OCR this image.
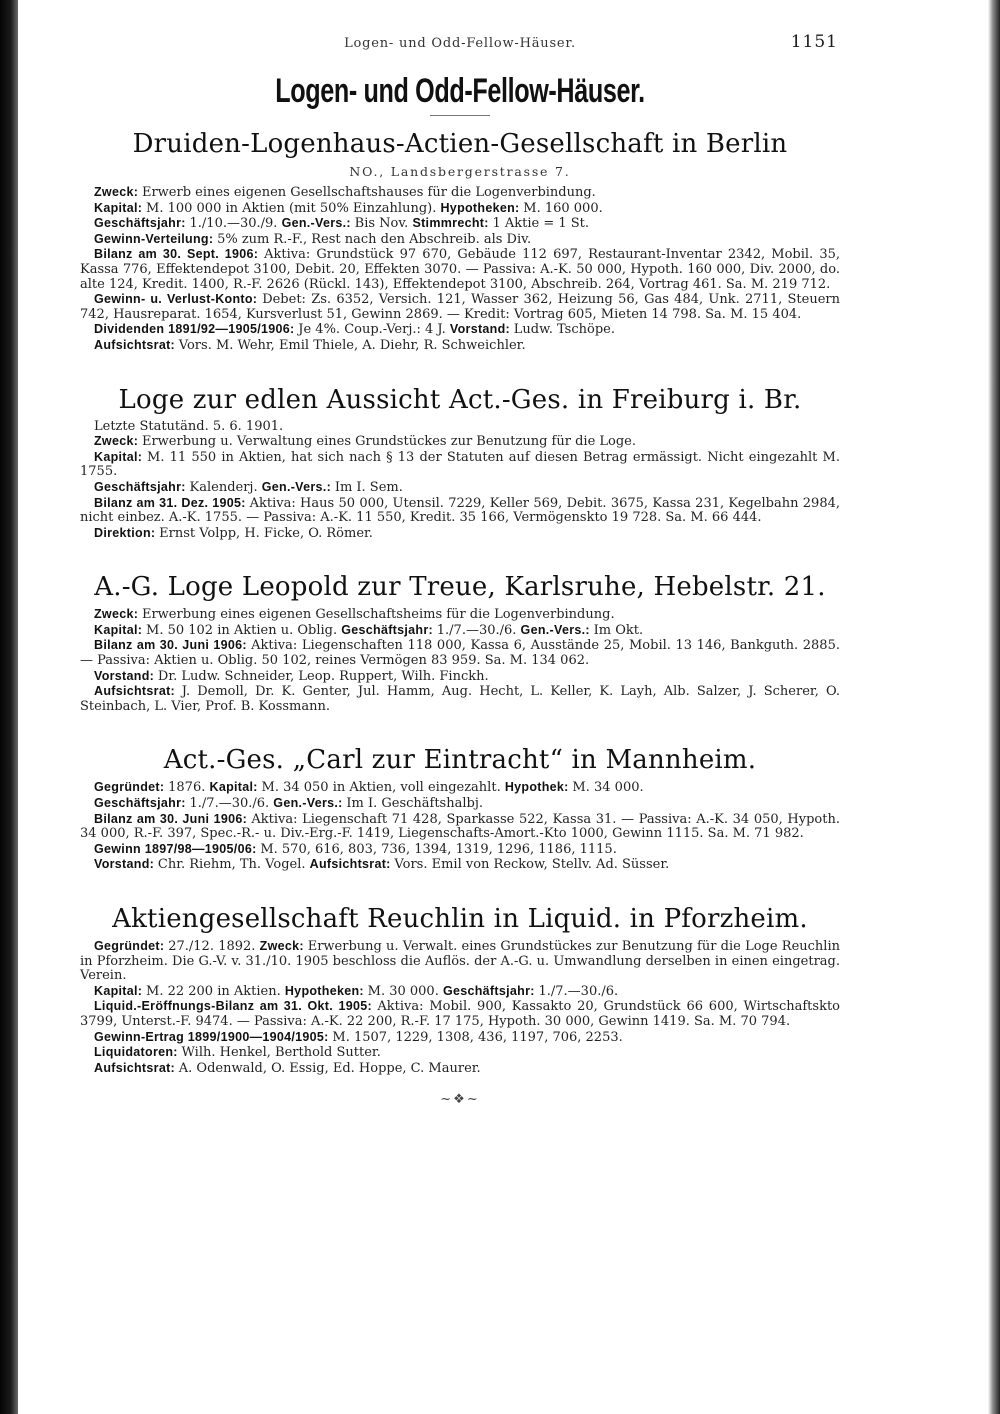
Logen- und Odd-Fellow-Häuser.	1151
Logen- und Odd-Fellow-Häuser.
Druiden-Logenhaus-Actien-Gesellschaft in Berlin
NO., Landsbergerstrasse 7.

Zweck: Erwerb eines eigenen Gesellschaftshauses für die Logenverbindung.

Kapital: M. 100 000 in Aktien (mit 50% Einzahlung). Hypotheken: M. 160 000.

Geschäftsjahr: 1./10.—30./9. Gen.-Vers.: Bis Nov. Stimmrecht: 1 Aktie = 1 St.

Gewinn-Verteilung: 5% zum R.-F., Rest nach den Abschreib. als Div.

Bilanz am 30. Sept. 1906: Aktiva: Grundstück 97 670, Gebäude 112 697, Restaurant-Inventar 2342, Mobil. 35, Kassa 776, Effektendepot 3100, Debit. 20, Effekten 3070. — Passiva: A.-K. 50 000, Hypoth. 160 000, Div. 2000, do. alte 124, Kredit. 1400, R.-F. 2626 (Rückl. 143), Effektendepot 3100, Abschreib. 264, Vortrag 461. Sa. M. 219 712.

Gewinn- u. Verlust-Konto: Debet: Zs. 6352, Versich. 121, Wasser 362, Heizung 56, Gas 484, Unk. 2711, Steuern 742, Hausreparat. 1654, Kursverlust 51, Gewinn 2869. — Kredit: Vortrag 605, Mieten 14 798. Sa. M. 15 404.

Dividenden 1891/92—1905/1906: Je 4%. Coup.-Verj.: 4 J. Vorstand: Ludw. Tschöpe.

Aufsichtsrat: Vors. M. Wehr, Emil Thiele, A. Diehr, R. Schweichler.

Loge zur edlen Aussicht Act.-Ges. in Freiburg i. Br.

Letzte Statutänd. 5. 6. 1901.

Zweck: Erwerbung u. Verwaltung eines Grundstückes zur Benutzung für die Loge.

Kapital: M. 11 550 in Aktien, hat sich nach § 13 der Statuten auf diesen Betrag ermässigt. Nicht eingezahlt M. 1755.

Geschäftsjahr: Kalenderj. Gen.-Vers.: Im I. Sem.

Bilanz am 31. Dez. 1905: Aktiva: Haus 50 000, Utensil. 7229, Keller 569, Debit. 3675, Kassa 231, Kegelbahn 2984, nicht einbez. A.-K. 1755. — Passiva: A.-K. 11 550, Kredit. 35 166, Vermögenskto 19 728. Sa. M. 66 444.

Direktion: Ernst Volpp, H. Ficke, O. Römer.

A.-G. Loge Leopold zur Treue, Karlsruhe, Hebelstr. 21.

Zweck: Erwerbung eines eigenen Gesellschaftsheims für die Logenverbindung.

Kapital: M. 50 102 in Aktien u. Oblig. Geschäftsjahr: 1./7.—30./6. Gen.-Vers.: Im Okt.

Bilanz am 30. Juni 1906: Aktiva: Liegenschaften 118 000, Kassa 6, Ausstände 25, Mobil. 13 146, Bankguth. 2885. — Passiva: Aktien u. Oblig. 50 102, reines Vermögen 83 959. Sa. M. 134 062.

Vorstand: Dr. Ludw. Schneider, Leop. Ruppert, Wilh. Finckh.

Aufsichtsrat: J. Demoll, Dr. K. Genter, Jul. Hamm, Aug. Hecht, L. Keller, K. Layh, Alb. Salzer, J. Scherer, O. Steinbach, L. Vier, Prof. B. Kossmann.

Act.-Ges. „Carl zur Eintracht“ in Mannheim.

Gegründet: 1876. Kapital: M. 34 050 in Aktien, voll eingezahlt. Hypothek: M. 34 000.

Geschäftsjahr: 1./7.—30./6. Gen.-Vers.: Im I. Geschäftshalbj.

Bilanz am 30. Juni 1906: Aktiva: Liegenschaft 71 428, Sparkasse 522, Kassa 31. — Passiva: A.-K. 34 050, Hypoth. 34 000, R.-F. 397, Spec.-R.- u. Div.-Erg.-F. 1419, Liegenschafts-Amort.-Kto 1000, Gewinn 1115. Sa. M. 71 982.

Gewinn 1897/98—1905/06: M. 570, 616, 803, 736, 1394, 1319, 1296, 1186, 1115.

Vorstand: Chr. Riehm, Th. Vogel. Aufsichtsrat: Vors. Emil von Reckow, Stellv. Ad. Süsser.

Aktiengesellschaft Reuchlin in Liquid. in Pforzheim.

Gegründet: 27./12. 1892. Zweck: Erwerbung u. Verwalt. eines Grundstückes zur Benutzung für die Loge Reuchlin in Pforzheim. Die G.-V. v. 31./10. 1905 beschloss die Auflös. der A.-G. u. Umwandlung derselben in einen eingetrag. Verein.

Kapital: M. 22 200 in Aktien. Hypotheken: M. 30 000. Geschäftsjahr: 1./7.—30./6.

Liquid.-Eröffnungs-Bilanz am 31. Okt. 1905: Aktiva: Mobil. 900, Kassakto 20, Grundstück 66 600, Wirtschaftskto 3799, Unterst.-F. 9474. — Passiva: A.-K. 22 200, R.-F. 17 175, Hypoth. 30 000, Gewinn 1419. Sa. M. 70 794.

Gewinn-Ertrag 1899/1900—1904/1905: M. 1507, 1229, 1308, 436, 1197, 706, 2253.

Liquidatoren: Wilh. Henkel, Berthold Sutter.

Aufsichtsrat: A. Odenwald, O. Essig, Ed. Hoppe, C. Maurer.

~❖~
